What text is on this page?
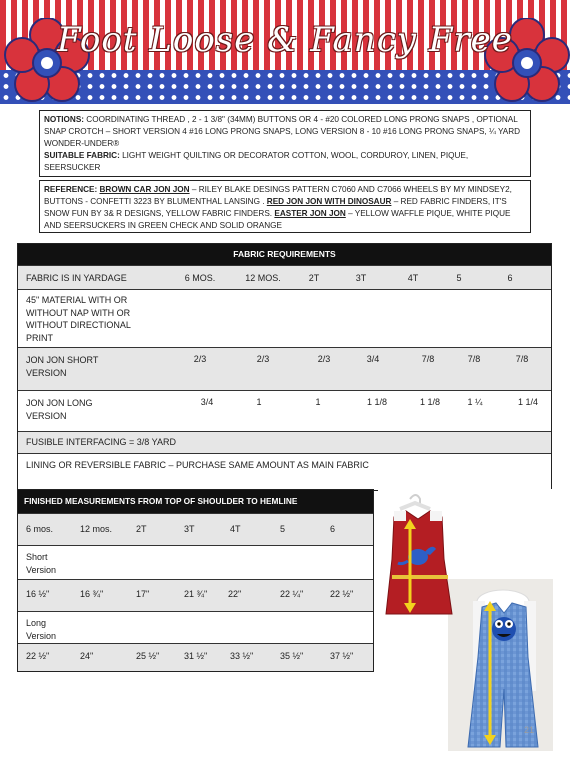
Foot Loose & Fancy Free
NOTIONS: COORDINATING THREAD , 2 - 1 3/8" (34MM) BUTTONS OR 4 - #20 COLORED LONG PRONG SNAPS , OPTIONAL SNAP CROTCH – SHORT VERSION 4 #16 LONG PRONG SNAPS, LONG VERSION 8 - 10 #16 LONG PRONG SNAPS, ¼ YARD WONDER-UNDER®
SUITABLE FABRIC: LIGHT WEIGHT QUILTING OR DECORATOR COTTON, WOOL, CORDUROY, LINEN, PIQUE, SEERSUCKER
REFERENCE: BROWN CAR JON JON – RILEY BLAKE DESINGS PATTERN C7060 AND C7066 WHEELS BY MY MINDSEY2, BUTTONS - CONFETTI 3223 BY BLUMENTHAL LANSING . RED JON JON WITH DINOSAUR – RED FABRIC FINDERS, IT'S SNOW FUN BY 3& R DESIGNS, YELLOW FABRIC FINDERS. EASTER JON JON – YELLOW WAFFLE PIQUE, WHITE PIQUE AND SEERSUCKERS IN GREEN CHECK AND SOLID ORANGE
FABRIC REQUIREMENTS
FABRIC IS IN YARDAGE	6 MOS.	12 MOS.	2T	3T	4T	5	6
45" MATERIAL WITH OR WITHOUT NAP WITH OR WITHOUT DIRECTIONAL PRINT
JON JON SHORT VERSION
2/3	2/3	2/3	3/4	7/8	7/8	7/8
JON JON LONG VERSION
3/4	1	1	1 1/8	1 1/8	1 ¼	1 1/4
FUSIBLE INTERFACING = 3/8 YARD
LINING OR REVERSIBLE FABRIC – PURCHASE SAME AMOUNT AS MAIN FABRIC
FINISHED MEASUREMENTS FROM TOP OF SHOULDER TO HEMLINE
6 mos.	12 mos.	2T	3T	4T	5	6
Short Version
16 ½"	16 ¾"	17"	21 ¾" 22"	22 ¼"	22 ½"
Long Version
22 ½"	24"	25 ½"	31 ½"	33 ½"	35 ½"	37 ½"
21
